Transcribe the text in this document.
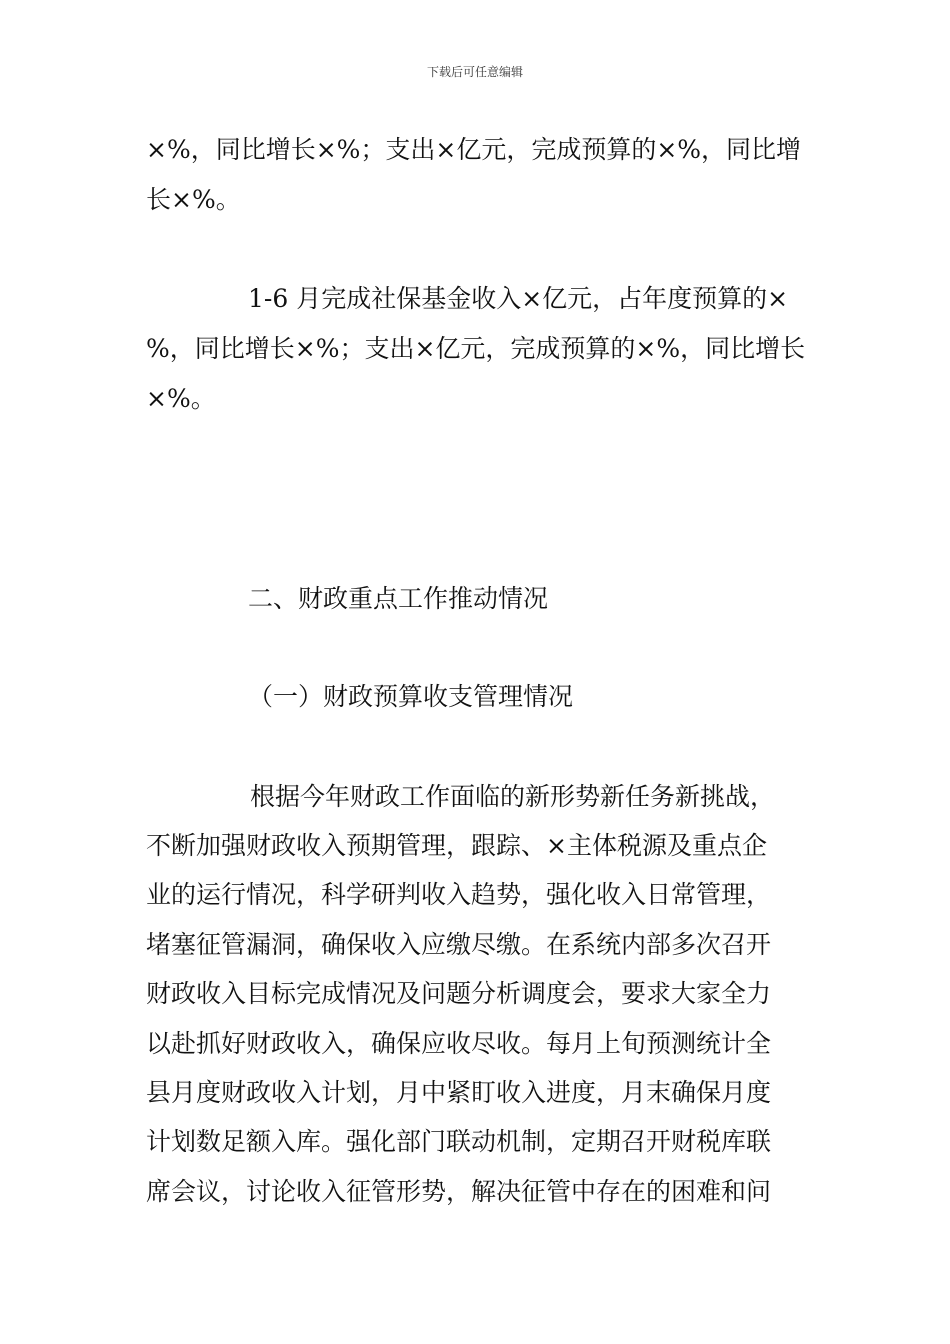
下载后可任意编辑
×%，同比增长×%；支出×亿元，完成预算的×%，同比增
长×%。
1-6 月完成社保基金收入×亿元，占年度预算的×
%，同比增长×%；支出×亿元，完成预算的×%，同比增长
×%。
二、财政重点工作推动情况
（一）财政预算收支管理情况
根据今年财政工作面临的新形势新任务新挑战，
不断加强财政收入预期管理，跟踪、×主体税源及重点企
业的运行情况，科学研判收入趋势，强化收入日常管理，
堵塞征管漏洞，确保收入应缴尽缴。在系统内部多次召开
财政收入目标完成情况及问题分析调度会，要求大家全力
以赴抓好财政收入，确保应收尽收。每月上旬预测统计全
县月度财政收入计划，月中紧盯收入进度，月末确保月度
计划数足额入库。强化部门联动机制，定期召开财税库联
席会议，讨论收入征管形势，解决征管中存在的困难和问
